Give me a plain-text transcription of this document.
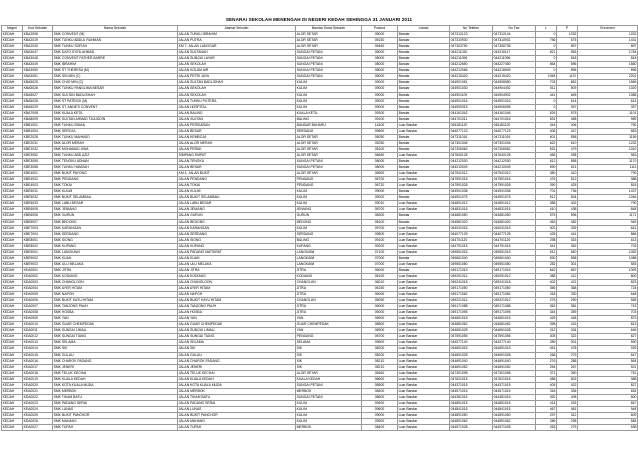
SENARAI SEKOLAH MENENGAH DI NEGERI KEDAH SEHINGGA 31 JANUARI 2011
Negeri	Kod Sekolah	Nama Sekolah	Alamat Sekolah	Bandar Surat Sekolah	Poskod	Lokasi	No Telefon	No Fax	L	P	Enrolmen
KEDAH	KBA2006	SMK CONVENT (M)	JALAN TUNKU IBRAHIM	ALOR SETAR	05000	Bandar	047312123	047312144	0	1032	1032
KEDAH	KBA2019	SMK TUNKU ABDUL RAHMAN	JALAN PUTRA	ALOR SETAR	05150	Bandar	047310930	047310931	756	675	1431
KEDAH	KBA2030	SMK TUNKU SOFIAH	KM 7, JALAN LANGGAR	ALOR SETAR	05460	Bandar	047303790	047306735	0	897	897
KEDAH	KBA3047	SMK DATO SYED AHMAD	JALAN SULTANAH	SUNGAI PETANI	08000	Bandar	044211030	044216117	821	963	1784
KEDAH	KBA3048	SMK CONVENT FATHER BARRE	JALAN SUNGAI LAYAR	SUNGAI PETANI	08000	Bandar	044211096	044211096	0	818	818
KEDAH	KBA3049	SMK IBRAHIM	JALAN SEKOLAH	SUNGAI PETANI	08000	Bandar	044212650	044227450	864	696	1560
KEDAH	KBA3050	SMK ST THERESA (M)	JALAN KOLAM AIR	SUNGAI PETANI	08000	Bandar	044212066	044216549	0	896	896
KEDAH	KBA3051	SMK SIN MIN (C)	JALAN PETRI JAYA	SUNGAI PETANI	08000	Bandar	044215420	044215420	1064	1137	2201
KEDAH	KBA5025	SMK CHIO MIN (C)	JALAN SULTAN BADLISHAH	KULIM	09000	Bandar	044901051	044908080	703	862	1565
KEDAH	KBA5026	SMK TUNKU PANGLIMA BESAR	JALAN SEKOLAH	KULIM	09000	Bandar	044901030	044904492	511	509	1020
KEDAH	KBA5027	SMK SULTAN BADLISHAH	JALAN SEKOLAH	KULIM	09000	Bandar	044901109	044904902	441	645	1086
KEDAH	KBA5028	SMK ST PATRICK (M)	JALAN TUNKU PUTERA	KULIM	09000	Bandar	044901016	044901016	0	614	614
KEDAH	KBA5029	SMK ST. ANNE'S CONVENT	JALAN HOSPITAL	KULIM	09000	Bandar	044909315	044906095	0	397	397
KEDAH	KBA7008	SMK KUALA KETIL	JALAN BALING	KUALA KETIL	09300	Bandar	044161042	044161046	526	575	1101
KEDAH	KBA8009	SMK SULTAN AHMAD TAJUDDIN	JALAN SULTAN	BALING	09100	Bandar	044701011	044701016	531	458	989
KEDAH	KBB1001	SMK TUNKU ISMAIL	JALAN PERSIARAN	BANDAR BAHARU	14400	Luar Bandar	045181120	045181120	344	406	750
KEDAH	KBB1004	SMK SEROJA	JALAN BESAR	SERDANG	09800	Luar Bandar	044077123	044077123	406	447	853
KEDAH	KBE2028	SMK TUNKU MAHMUD	JALAN KEMBOJA	ALOR SETAR	05050	Bandar	047311016	047311019	601	558	1159
KEDAH	KBE2031	SMK ALOR MERAH	JALAN ALOR MERAH	ALOR SETAR	05250	Bandar	047301045	047301045	622	610	1232
KEDAH	KBE2032	SMK MOHAMAD JIWA	JALAN PERAK	ALOR SETAR	05100	Bandar	047306062	047306062	531	479	1010
KEDAH	KBE3052	SMK TUNKU ABD AZIZ	SIMPANG EMPAT	ALOR SETAR	06650	Luar Bandar	047640128	047640128	465	498	963
KEDAH	KBE3055	SMK TENGKU ADNAN	JALAN TENGKU	SUNGAI PETANI	08000	Bandar	044212030	044212030	612	558	1170
KEDAH	KBE3058	SMK TUNKU HAMZAH	JALAN BESAR	SUNGAI PETANI	08000	Bandar	044210049	044210049	590	521	1111
KEDAH	KBE4001	SMK BUKIT PAYONG	KM 4, JALAN BUKIT	ALOR SETAR	06500	Luar Bandar	047941012	047941012	380	410	790
KEDAH	KBE4002	SMK PENDANG	JALAN PENDANG	PENDANG	06700	Luar Bandar	047591016	047591016	476	512	988
KEDAH	KBE4003	SMK TOKAI	JALAN TOKAI	PENDANG	06720	Luar Bandar	047591028	047591028	390	425	815
KEDAH	KBE5031	SMK KULIM	JALAN KULIM	KULIM	09000	Bandar	044901038	044901038	701	736	1437
KEDAH	KBE5032	SMK BUKIT SELAMBAU	JALAN BUKIT SELAMBAU	KULIM	09000	Bandar	044901075	044901075	512	534	1046
KEDAH	KBE5033	SMK LABU BESAR	JALAN LABU BESAR	KULIM	09010	Luar Bandar	044891012	044891012	388	402	790
KEDAH	KBE6005	SMK JENIANG	JALAN JENIANG	JENIANG	08700	Luar Bandar	044831015	044831015	410	438	848
KEDAH	KBE6006	SMK GURUN	JALAN GURUN	GURUN	08300	Bandar	044681050	044681050	575	596	1171
KEDAH	KBE6007	SMK BEDONG	JALAN BEDONG	BEDONG	08100	Bandar	044581020	044581020	463	482	945
KEDAH	KBE7003	SMK KARANGAN	JALAN KARANGAN	KULIM	09700	Luar Bandar	044031015	044031015	302	339	641
KEDAH	KBE7004	SMK SERDANG	JALAN SERDANG	SERDANG	09800	Luar Bandar	044077125	044077125	425	441	866
KEDAH	KBE8001	SMK SIONG	JALAN SIONG	BALING	09100	Luar Bandar	044701120	044701120	298	315	613
KEDAH	KBE8002	SMK KUPANG	JALAN KUPANG	KUPANG	09200	Luar Bandar	044791015	044791015	341	362	703
KEDAH	KBE9001	SMK LANGKAWI	JALAN PADANG MATSIRAT	LANGKAWI	07100	Luar Bandar	049551015	049551015	512	540	1052
KEDAH	KBE9002	SMK KUAH	JALAN KUAH	LANGKAWI	07000	Bandar	049661040	049661040	530	558	1088
KEDAH	KBE9003	SMK ULU MELAKA	JALAN ULU MELAKA	LANGKAWI	07000	Luar Bandar	049551080	049551080	282	301	583
KEDAH	KEA0001	SMK JITRA	JALAN JITRA	JITRA	06000	Bandar	049171015	049171015	642	667	1309
KEDAH	KEA0002	SMK KODIANG	JALAN KODIANG	KODIANG	06100	Luar Bandar	049251012	049251012	388	412	800
KEDAH	KEA0003	SMK CHANGLOON	JALAN CHANGLOON	CHANGLUN	06010	Luar Bandar	049241018	049241018	402	421	823
KEDAH	KEA0004	SMK AYER HITAM	JALAN AYER HITAM	JITRA	06150	Luar Bandar	049171050	049171050	356	368	724
KEDAH	KEA0005	SMK NAPOH	JALAN NAPOH	JITRA	06000	Luar Bandar	049171062	049171062	318	330	648
KEDAH	KEA0006	SMK BUKIT KAYU HITAM	JALAN BUKIT KAYU HITAM	CHANGLUN	06050	Luar Bandar	049221012	049221012	275	290	565
KEDAH	KEA0007	SMK TANJONG PAUH	JALAN TANJONG PAUH	JITRA	06000	Luar Bandar	049171088	049171088	362	381	743
KEDAH	KEA0008	SMK HOSBA	JALAN HOSBA	JITRA	06000	Luar Bandar	049171095	049171095	344	359	703
KEDAH	KEA0009	SMK YAN	JALAN YAN	YAN	06900	Luar Bandar	044651015	044651015	425	448	873
KEDAH	KEA0010	SMK GUAR CHEMPEDAK	JALAN GUAR CHEMPEDAK	GUAR CHEMPEDAK	08800	Luar Bandar	044681062	044681062	398	415	813
KEDAH	KEA0011	SMK SUNGAI LIMAU	JALAN SUNGAI LIMAU	YAN	06900	Luar Bandar	044651028	044651028	312	334	646
KEDAH	KEA0012	SMK SUNGAI TIANG	JALAN SUNGAI TIANG	PENDANG	06700	Luar Bandar	047591055	047591055	305	322	627
KEDAH	KEA0013	SMK SELAMA	JALAN SELAMA	SELAMA	09800	Luar Bandar	044077140	044077140	289	301	590
KEDAH	KEA0014	SMK SIK	JALAN SIK	SIK	08200	Luar Bandar	044691015	044691015	451	478	929
KEDAH	KEA0015	SMK GULAU	JALAN GULAU	SIK	08200	Luar Bandar	044691028	044691028	268	279	547
KEDAH	KEA0016	SMK CHAROK PADANG	JALAN CHAROK PADANG	SIK	08210	Luar Bandar	044691040	044691040	276	288	564
KEDAH	KEA0017	SMK JENERI	JALAN JENERI	SIK	08210	Luar Bandar	044691052	044691052	254	267	521
KEDAH	KEA0018	SMK TELUK KECHAI	JALAN TELUK KECHAI	ALOR SETAR	05460	Luar Bandar	047301098	047301098	371	390	761
KEDAH	KEA0019	SMK KUALA KEDAH	JALAN KUALA KEDAH	KUALA KEDAH	06600	Luar Bandar	047621015	047621015	486	502	988
KEDAH	KEA0020	SMK KOTA KUALA MUDA	JALAN KOTA KUALA MUDA	SUNGAI PETANI	08500	Luar Bandar	044371015	044371015	405	422	827
KEDAH	KEA0021	SMK MERBOK	JALAN MERBOK	MERBOK	08400	Luar Bandar	044571015	044571015	318	336	654
KEDAH	KEA0022	SMK TIKAM BATU	JALAN TIKAM BATU	SUNGAI PETANI	08600	Luar Bandar	044381015	044381015	392	408	800
KEDAH	KEA0023	SMK PADANG SERAI	JALAN PADANG SERAI	KULIM	09400	Luar Bandar	044851015	044851015	414	433	847
KEDAH	KEA0024	SMK LUNAS	JALAN LUNAS	KULIM	09600	Luar Bandar	044841015	044841015	467	481	948
KEDAH	KEA0025	SMK BUKIT PANCHOR	JALAN BUKIT PANCHOR	KULIM	09000	Luar Bandar	044891050	044891050	297	312	609
KEDAH	KEA0026	SMK MAHANG	JALAN MAHANG	KULIM	09500	Luar Bandar	044891062	044891062	286	298	584
KEDAH	KEA0027	SMK TUPAH	JALAN TUPAH	MERBOK	08400	Luar Bandar	044571028	044571028	263	275	538
